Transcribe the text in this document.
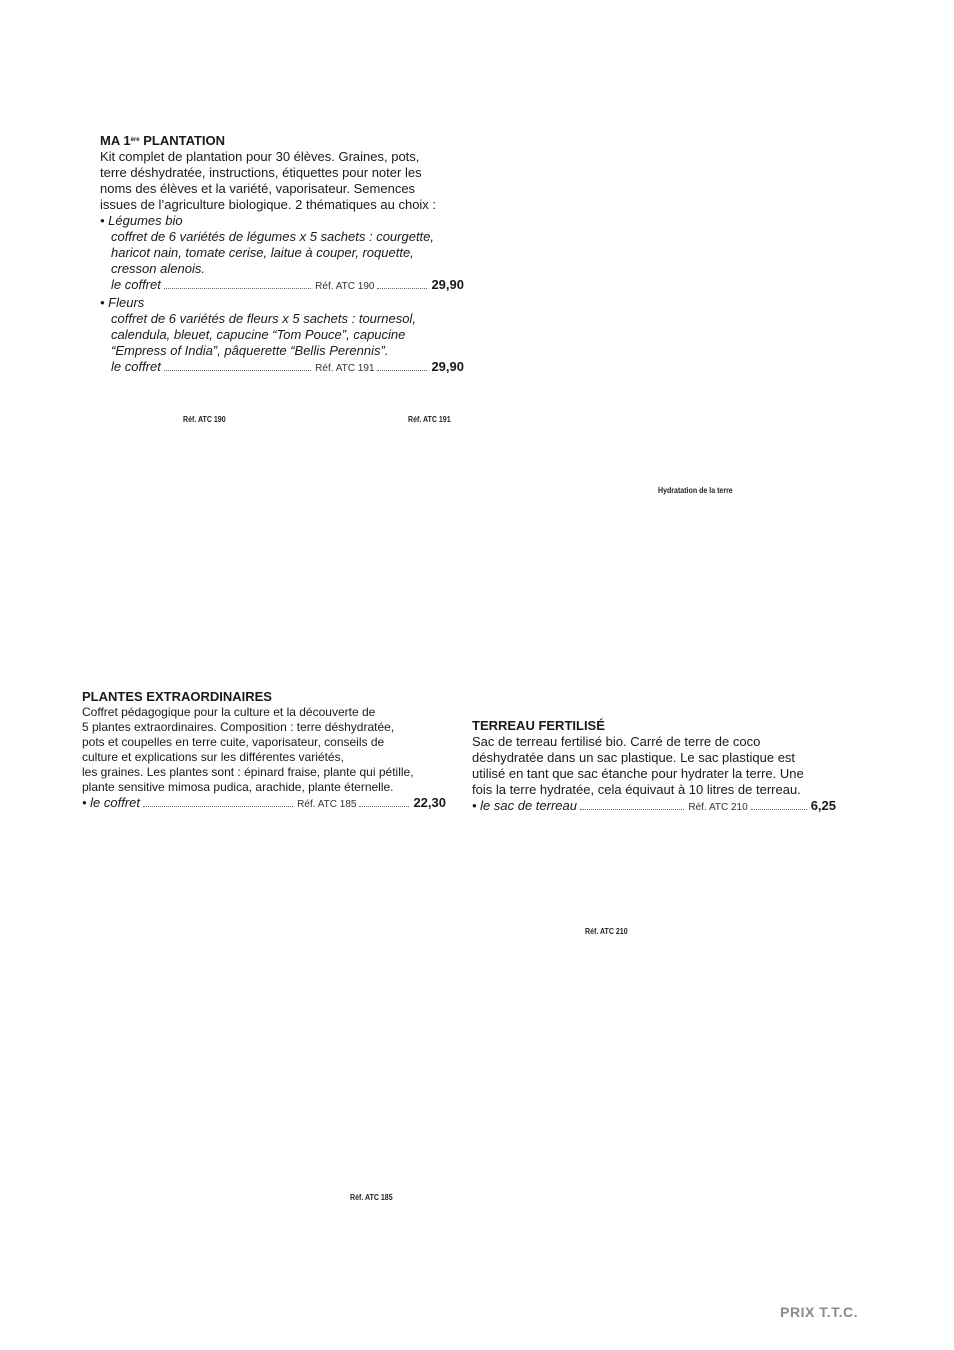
MA 1ère PLANTATION
Kit complet de plantation pour 30 élèves. Graines, pots,
terre déshydratée, instructions, étiquettes pour noter les
noms des élèves et la variété, vaporisateur. Semences
issues de l’agriculture biologique. 2 thématiques au choix :
• Légumes bio
coffret de 6 variétés de légumes x 5 sachets : courgette,
haricot nain, tomate cerise, laitue à couper, roquette,
cresson alenois.
le coffret	Réf. ATC 190	29,90
• Fleurs
coffret de 6 variétés de fleurs x 5 sachets : tournesol,
calendula, bleuet, capucine “Tom Pouce”, capucine
“Empress of India”, pâquerette “Bellis Perennis”.
le coffret	Réf. ATC 191	29,90
Réf. ATC 190	Réf. ATC 191
Hydratation de la terre
PLANTES EXTRAORDINAIRES
Coffret pédagogique pour la culture et la découverte de
5 plantes extraordinaires. Composition : terre déshydratée,
pots et coupelles en terre cuite, vaporisateur, conseils de
culture et explications sur les différentes variétés,
les graines. Les plantes sont : épinard fraise, plante qui pétille,
plante sensitive mimosa pudica, arachide, plante éternelle.
• le coffret	Réf. ATC 185	22,30
TERREAU FERTILISÉ
Sac de terreau fertilisé bio. Carré de terre de coco
déshydratée dans un sac plastique. Le sac plastique est
utilisé en tant que sac étanche pour hydrater la terre. Une
fois la terre hydratée, cela équivaut à 10 litres de terreau.
• le sac de terreau	Réf. ATC 210	6,25
Réf. ATC 210
Réf. ATC 185
PRIX T.T.C.
